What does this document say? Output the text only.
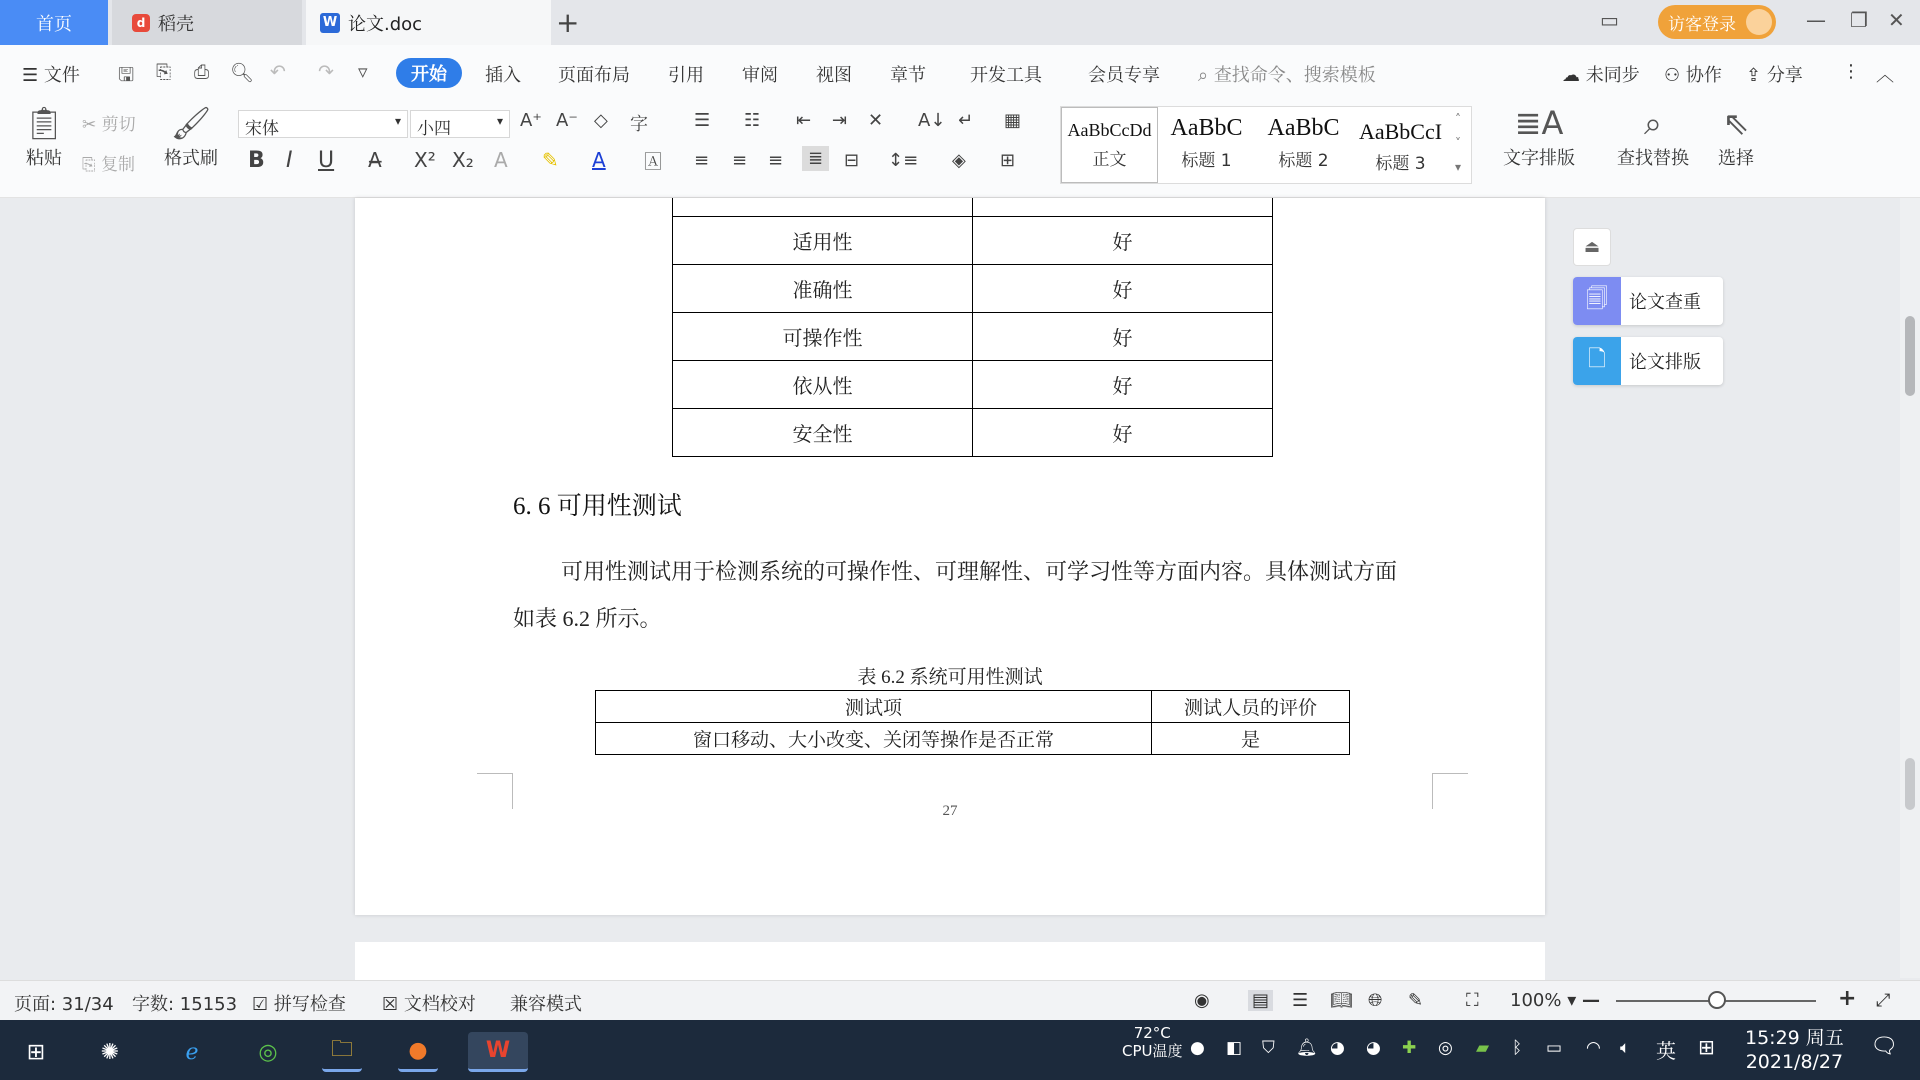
首页	d 稻壳	W 论文.doc	+	▭	访客登录	— ❐ ✕
☰ 文件 🖫 ⎘ ⎙ 🔍︎ ↶ ↷ ▿ 开始 插入 页面布局 引用 审阅 视图 章节 开发工具	会员专享 ⌕ 查找命令、搜索模板	☁ 未同步 ⚇ 协作 ⇪ 分享 ⋮ ︿
📋︎
粘贴
✂ 剪切
⎘ 复制
🖌︎
格式刷
宋体	▾ 小四	▾ A⁺ A⁻ ◇ 字
B I U A̶ X² X₂ A ✎ A 🄰
☰ ☷ ⇤ ⇥ ✕ A↓ ↵ ▦
≡ ≡ ≡	≣	⊟ ↕≡ ◈ ⊞
AaBbCcDd
正文
AaBbC
标题 1
AaBbC
标题 2
AaBbCcI
标题 3
˄
˅
▾
≣A
文字排版
⌕
查找替换
⇖
选择

适用性	好
准确性	好
可操作性	好
依从性	好
安全性	好
6. 6 可用性测试
可用性测试用于检测系统的可操作性、可理解性、可学习性等方面内容。具体测试方面如表 6.2 所示。
表 6.2 系统可用性测试
测试项	测试人员的评价
窗口移动、大小改变、关闭等操作是否正常	是
27
⏏
🗐︎	论文查重
🗋︎	论文排版
页面: 31/34 字数: 15153 ☑ 拼写检查 ☒ 文档校对 兼容模式	◉ ▤ ☰ 📖︎ 🌐︎ ✎ ⛶ 100% ▾ —	+ ⤢
⊞	✺	ℯ	◎	🗀	●	W
72°C
CPU温度 ● ◧ ⛉ 🔔︎ ◕ ◕ ✚ ◎ ▰ ᛒ ▭ ◠ 🔈︎ 英 ⊞ 15:29 周五
2021/8/27
🗨︎
